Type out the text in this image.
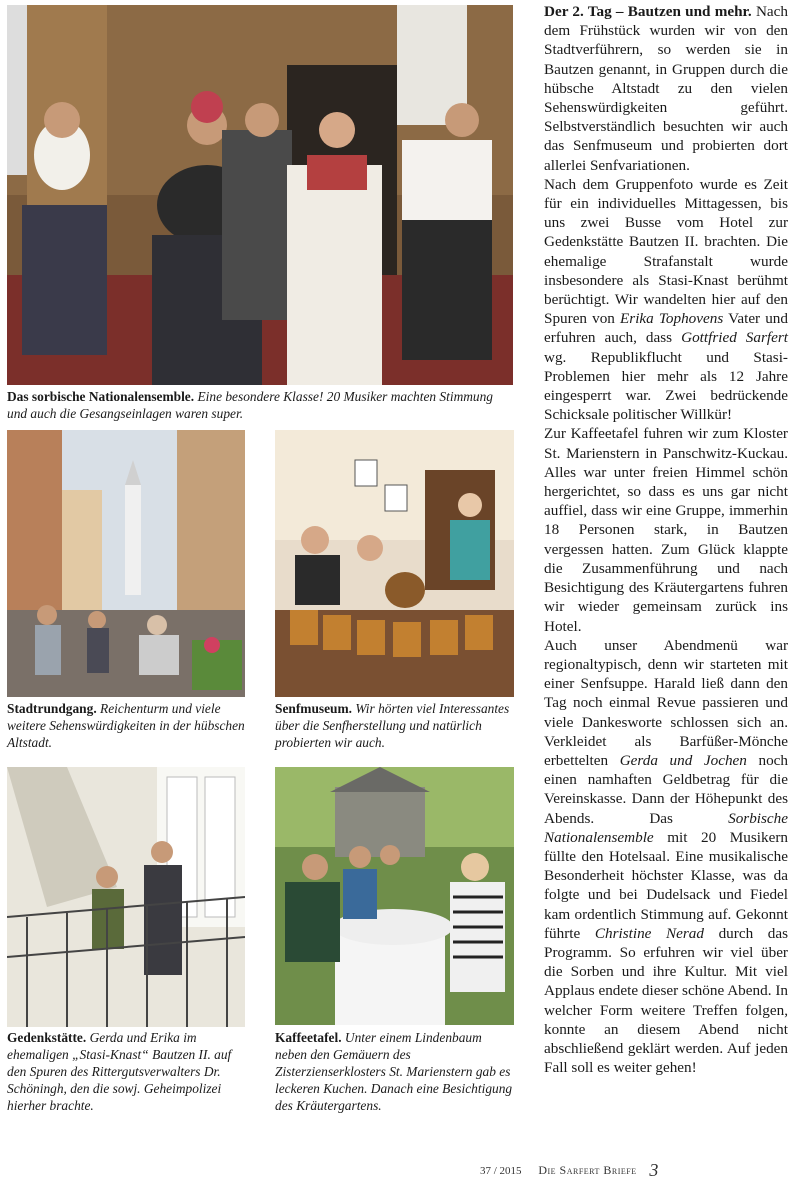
Das sorbische Nationalensemble. Eine besondere Klasse! 20 Musiker machten Stimmung und auch die Gesangseinlagen waren super.
Stadtrundgang. Reichenturm und viele weitere Sehenswürdigkeiten in der hübschen Altstadt.
Senfmuseum. Wir hörten viel Interessantes über die Senfherstellung und natürlich probierten wir auch.
Gedenkstätte. Gerda und Erika im ehemaligen „Stasi-Knast“ Bautzen II. auf den Spuren des Rittergutsverwalters Dr. Schöningh, den die sowj. Geheimpolizei hierher brachte.
Kaffeetafel. Unter einem Lindenbaum neben den Gemäuern des Zisterzienserklosters St. Marienstern gab es leckeren Kuchen. Danach eine Besichtigung des Kräutergartens.

Der 2. Tag – Bautzen und mehr. Nach dem Frühstück wurden wir von den Stadtverführern, so werden sie in Bautzen genannt, in Gruppen durch die hübsche Altstadt zu den vielen Sehenswürdigkeiten geführt. Selbstverständlich besuchten wir auch das Senfmuseum und probierten dort allerlei Senfvariationen.

Nach dem Gruppenfoto wurde es Zeit für ein individuelles Mittagessen, bis uns zwei Busse vom Hotel zur Gedenkstätte Bautzen II. brachten. Die ehemalige Strafanstalt wurde insbesondere als Stasi-Knast berühmt berüchtigt. Wir wandelten hier auf den Spuren von Erika Tophovens Vater und erfuhren auch, dass Gottfried Sarfert wg. Republikflucht und Stasi-Problemen hier mehr als 12 Jahre eingesperrt war. Zwei bedrückende Schicksale politischer Willkür!

Zur Kaffeetafel fuhren wir zum Kloster St. Marienstern in Panschwitz-Kuckau. Alles war unter freien Himmel schön hergerichtet, so dass es uns gar nicht auffiel, dass wir eine Gruppe, immerhin 18 Personen stark, in Bautzen vergessen hatten. Zum Glück klappte die Zusammenführung und nach Besichtigung des Kräutergartens fuhren wir wieder gemeinsam zurück ins Hotel.

Auch unser Abendmenü war regionaltypisch, denn wir starteten mit einer Senfsuppe. Harald ließ dann den Tag noch einmal Revue passieren und viele Dankesworte schlossen sich an. Verkleidet als Barfüßer-Mönche erbettelten Gerda und Jochen noch einen namhaften Geldbetrag für die Vereinskasse. Dann der Höhepunkt des Abends. Das Sorbische Nationalensemble mit 20 Musikern füllte den Hotelsaal. Eine musikalische Besonderheit höchster Klasse, was da folgte und bei Dudelsack und Fiedel kam ordentlich Stimmung auf. Gekonnt führte Christine Nerad durch das Programm. So erfuhren wir viel über die Sorben und ihre Kultur. Mit viel Applaus endete dieser schöne Abend. In welcher Form weitere Treffen folgen, konnte an diesem Abend nicht abschließend geklärt werden. Auf jeden Fall soll es weiter gehen!

37 / 2015 Die Sarfert Briefe 3
